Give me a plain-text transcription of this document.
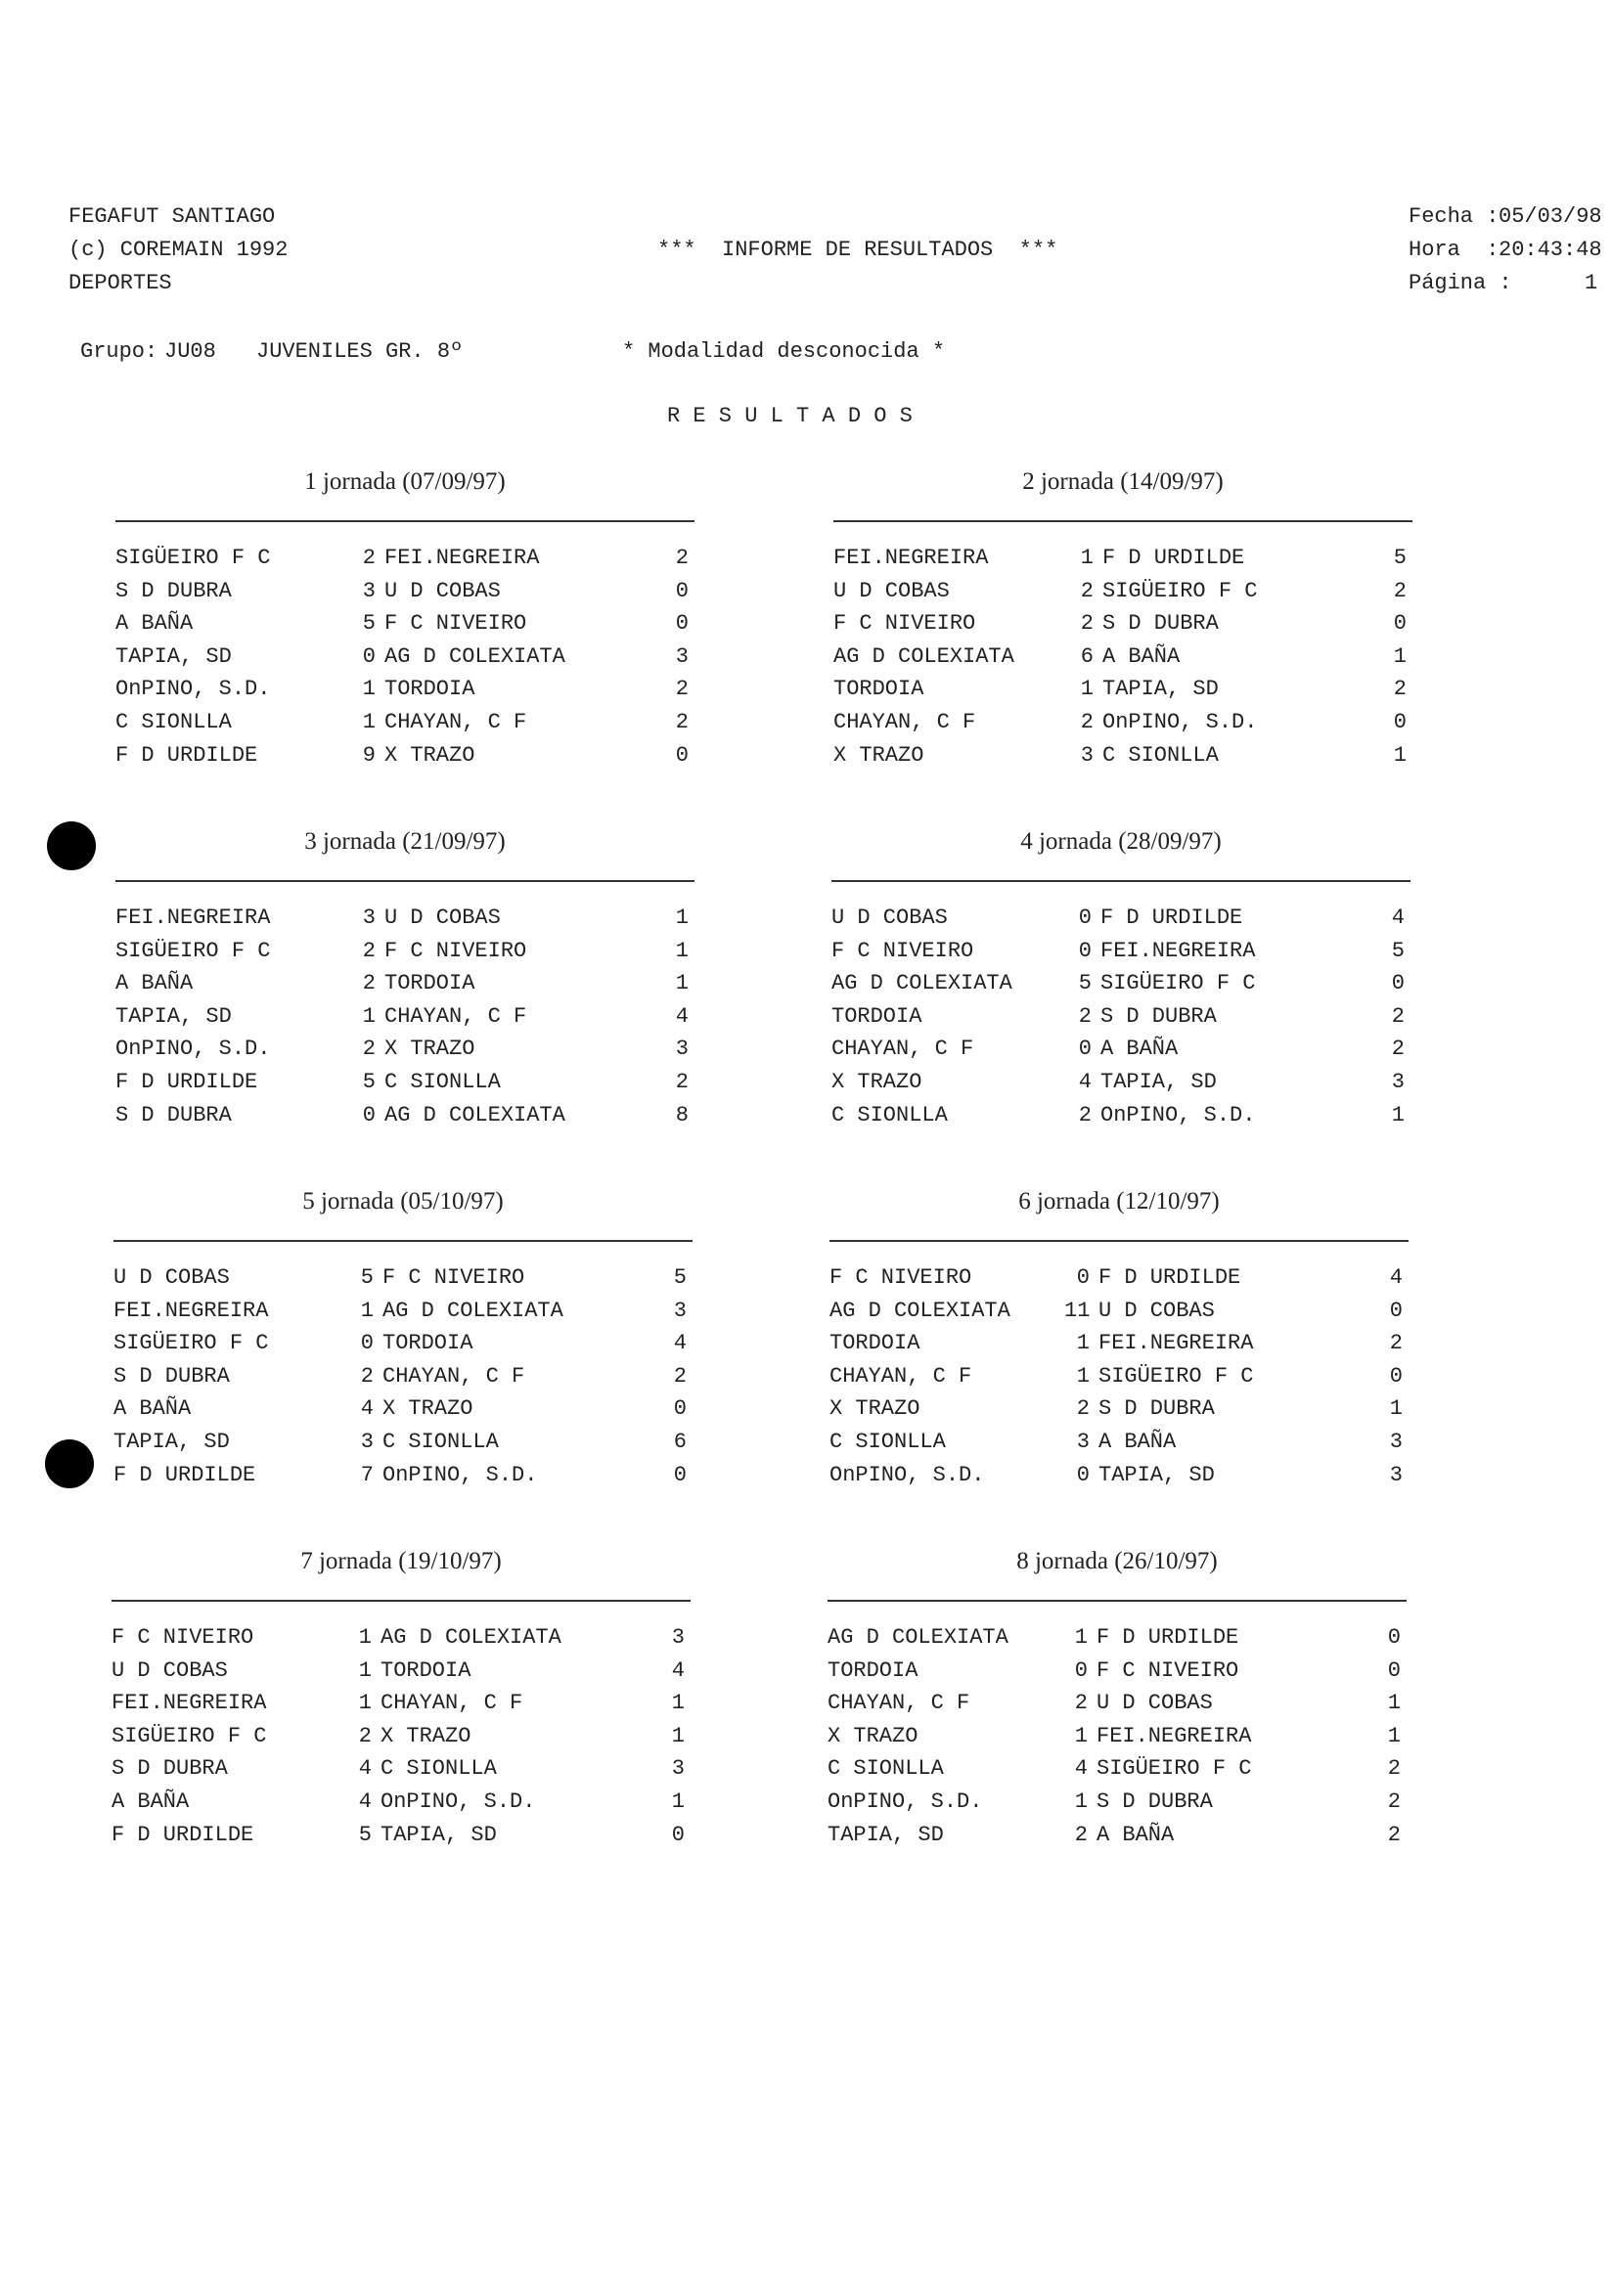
FEGAFUT SANTIAGO
(c) COREMAIN 1992
DEPORTES
***  INFORME DE RESULTADOS  ***
Fecha : 05/03/98
Hora  : 20:43:48
Página :	1
Grupo: JU08 JUVENILES GR. 8º	* Modalidad desconocida *
R E S U L T A D O S
1 jornada (07/09/97)
SIGÜEIRO F C	2 FEI.NEGREIRA	2
S D DUBRA	3 U D COBAS	0
A BAÑA	5 F C NIVEIRO	0
TAPIA, SD	0 AG D COLEXIATA	3
OnPINO, S.D.	1 TORDOIA	2
C SIONLLA	1 CHAYAN, C F	2
F D URDILDE	9 X TRAZO	0
2 jornada (14/09/97)
FEI.NEGREIRA	1 F D URDILDE	5
U D COBAS	2 SIGÜEIRO F C	2
F C NIVEIRO	2 S D DUBRA	0
AG D COLEXIATA	6 A BAÑA	1
TORDOIA	1 TAPIA, SD	2
CHAYAN, C F	2 OnPINO, S.D.	0
X TRAZO	3 C SIONLLA	1
3 jornada (21/09/97)
FEI.NEGREIRA	3 U D COBAS	1
SIGÜEIRO F C	2 F C NIVEIRO	1
A BAÑA	2 TORDOIA	1
TAPIA, SD	1 CHAYAN, C F	4
OnPINO, S.D.	2 X TRAZO	3
F D URDILDE	5 C SIONLLA	2
S D DUBRA	0 AG D COLEXIATA	8
4 jornada (28/09/97)
U D COBAS	0 F D URDILDE	4
F C NIVEIRO	0 FEI.NEGREIRA	5
AG D COLEXIATA	5 SIGÜEIRO F C	0
TORDOIA	2 S D DUBRA	2
CHAYAN, C F	0 A BAÑA	2
X TRAZO	4 TAPIA, SD	3
C SIONLLA	2 OnPINO, S.D.	1
5 jornada (05/10/97)
U D COBAS	5 F C NIVEIRO	5
FEI.NEGREIRA	1 AG D COLEXIATA	3
SIGÜEIRO F C	0 TORDOIA	4
S D DUBRA	2 CHAYAN, C F	2
A BAÑA	4 X TRAZO	0
TAPIA, SD	3 C SIONLLA	6
F D URDILDE	7 OnPINO, S.D.	0
6 jornada (12/10/97)
F C NIVEIRO	0 F D URDILDE	4
AG D COLEXIATA	11 U D COBAS	0
TORDOIA	1 FEI.NEGREIRA	2
CHAYAN, C F	1 SIGÜEIRO F C	0
X TRAZO	2 S D DUBRA	1
C SIONLLA	3 A BAÑA	3
OnPINO, S.D.	0 TAPIA, SD	3
7 jornada (19/10/97)
F C NIVEIRO	1 AG D COLEXIATA	3
U D COBAS	1 TORDOIA	4
FEI.NEGREIRA	1 CHAYAN, C F	1
SIGÜEIRO F C	2 X TRAZO	1
S D DUBRA	4 C SIONLLA	3
A BAÑA	4 OnPINO, S.D.	1
F D URDILDE	5 TAPIA, SD	0
8 jornada (26/10/97)
AG D COLEXIATA	1 F D URDILDE	0
TORDOIA	0 F C NIVEIRO	0
CHAYAN, C F	2 U D COBAS	1
X TRAZO	1 FEI.NEGREIRA	1
C SIONLLA	4 SIGÜEIRO F C	2
OnPINO, S.D.	1 S D DUBRA	2
TAPIA, SD	2 A BAÑA	2
